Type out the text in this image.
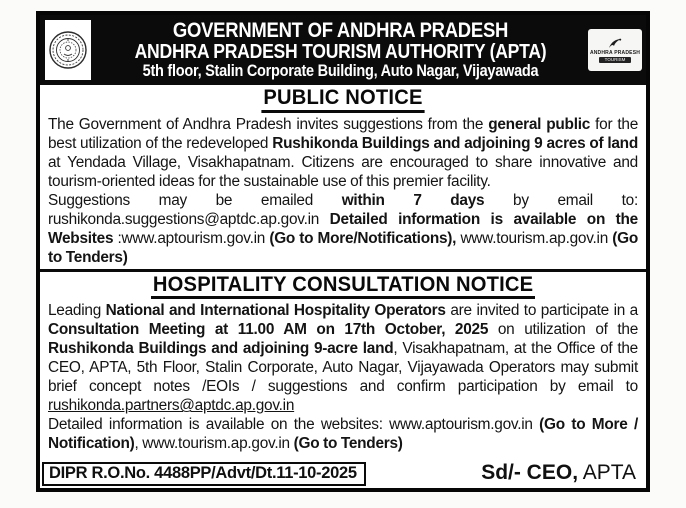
GOVERNMENT OF ANDHRA PRADESH
ANDHRA PRADESH TOURISM AUTHORITY (APTA)
5th floor, Stalin Corporate Building, Auto Nagar, Vijayawada
ANDHRA PRADESH
TOURISM
PUBLIC NOTICE

The Government of Andhra Pradesh invites suggestions from the general public for the best utilization of the redeveloped Rushikonda Buildings and adjoining 9 acres of land at Yendada Village, Visakhapatnam. Citizens are encouraged to share innovative and tourism-oriented ideas for the sustainable use of this premier facility.

Suggestions may be emailed within 7 days by email to: rushikonda.suggestions@aptdc.ap.gov.in Detailed information is available on the Websites :www.aptourism.gov.in (Go to More/Notifications), www.tourism.ap.gov.in (Go to Tenders)

HOSPITALITY CONSULTATION NOTICE

Leading National and International Hospitality Operators are invited to participate in a Consultation Meeting at 11.00 AM on 17th October, 2025 on utilization of the Rushikonda Buildings and adjoining 9-acre land, Visakhapatnam, at the Office of the CEO, APTA, 5th Floor, Stalin Corporate, Auto Nagar, Vijayawada Operators may submit brief concept notes /EOIs / suggestions and confirm participation by email to rushikonda.partners@aptdc.ap.gov.in

Detailed information is available on the websites: www.aptourism.gov.in (Go to More / Notification), www.tourism.ap.gov.in (Go to Tenders)

DIPR R.O.No. 4488PP/Advt/Dt.11-10-2025	Sd/- CEO, APTA
